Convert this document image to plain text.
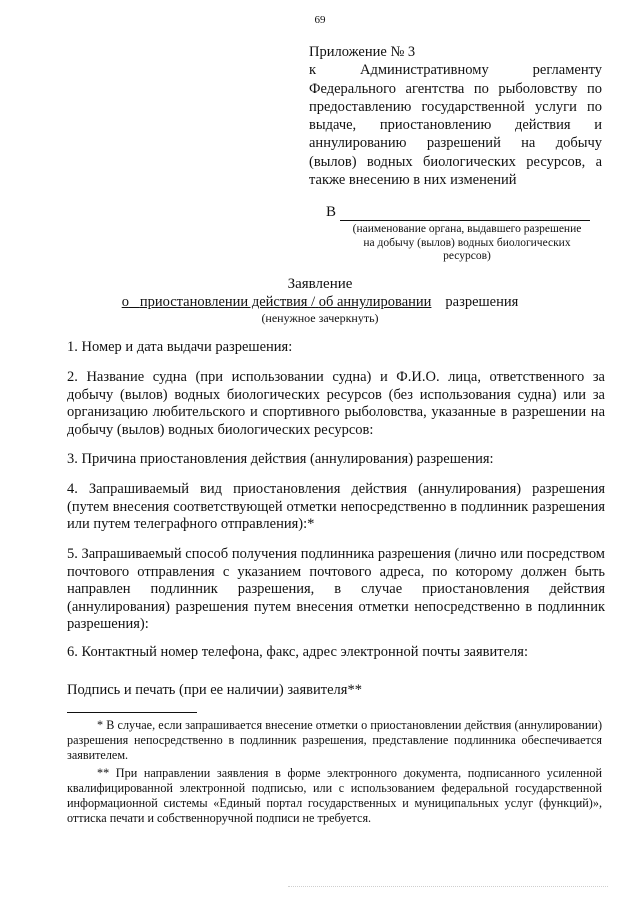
69
Приложение № 3
к Административному регламенту
Федерального агентства по рыболовству по
предоставлению государственной услуги по
выдаче, приостановлению действия и
аннулированию разрешений на добычу
(вылов) водных биологических ресурсов, а
также внесению в них изменений
В
(наименование органа, выдавшего разрешение
на добычу (вылов) водных биологических
ресурсов)
Заявление
о приостановлении действия / об аннулировании разрешения
(ненужное зачеркнуть)
1. Номер и дата выдачи разрешения:
2. Название судна (при использовании судна) и Ф.И.О. лица, ответственного за добычу (вылов) водных биологических ресурсов (без использования судна) или за организацию любительского и спортивного рыболовства, указанные в разрешении на добычу (вылов) водных биологических ресурсов:
3. Причина приостановления действия (аннулирования) разрешения:
4. Запрашиваемый вид приостановления действия (аннулирования) разрешения (путем внесения соответствующей отметки непосредственно в подлинник разрешения или путем телеграфного отправления):*
5. Запрашиваемый способ получения подлинника разрешения (лично или посредством почтового отправления с указанием почтового адреса, по которому должен быть направлен подлинник разрешения, в случае приостановления действия (аннулирования) разрешения путем внесения отметки непосредственно в подлинник разрешения):
6. Контактный номер телефона, факс, адрес электронной почты заявителя:
Подпись и печать (при ее наличии) заявителя**
* В случае, если запрашивается внесение отметки о приостановлении действия (аннулировании) разрешения непосредственно в подлинник разрешения, представление подлинника обеспечивается заявителем.
** При направлении заявления в форме электронного документа, подписанного усиленной квалифицированной электронной подписью, или с использованием федеральной государственной информационной системы «Единый портал государственных и муниципальных услуг (функций)», оттиска печати и собственноручной подписи не требуется.
